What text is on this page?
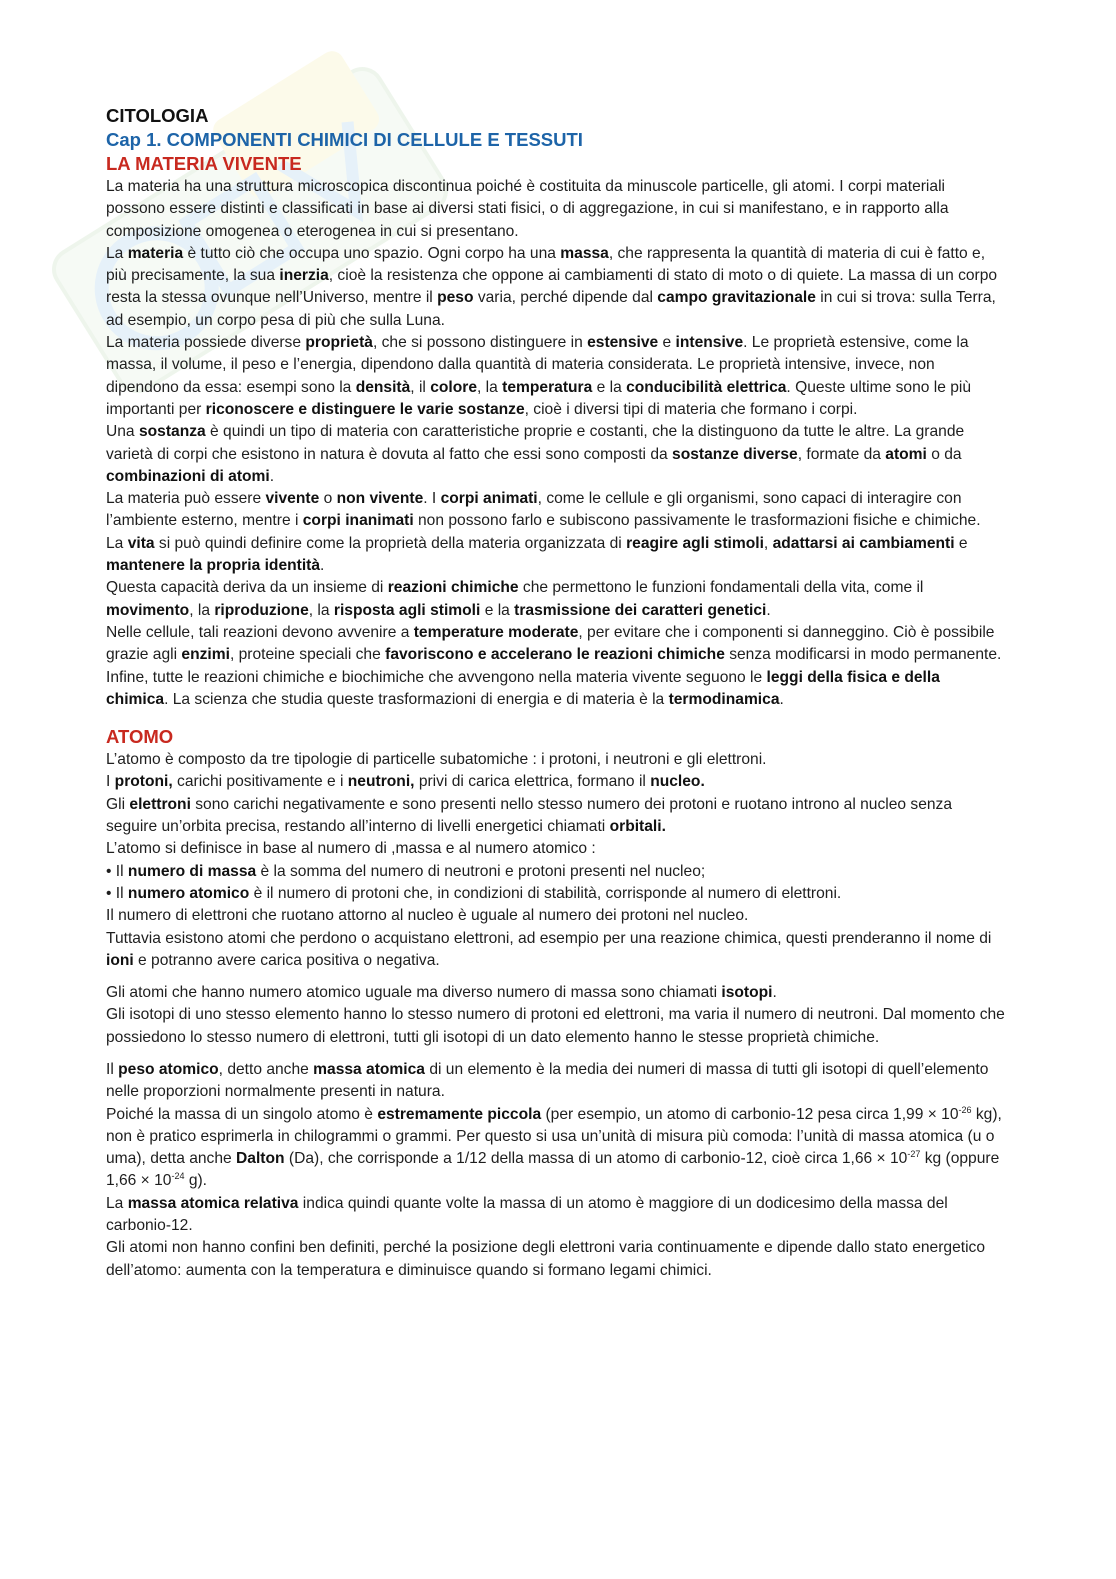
CITOLOGIA
Cap 1. COMPONENTI CHIMICI DI CELLULE E TESSUTI
LA MATERIA VIVENTE

La materia ha una struttura microscopica discontinua poiché è costituita da minuscole particelle, gli atomi. I corpi materiali possono essere distinti e classificati in base ai diversi stati fisici, o di aggregazione, in cui si manifestano, e in rapporto alla composizione omogenea o eterogenea in cui si presentano.

La materia è tutto ciò che occupa uno spazio. Ogni corpo ha una massa, che rappresenta la quantità di materia di cui è fatto e, più precisamente, la sua inerzia, cioè la resistenza che oppone ai cambiamenti di stato di moto o di quiete. La massa di un corpo resta la stessa ovunque nell’Universo, mentre il peso varia, perché dipende dal campo gravitazionale in cui si trova: sulla Terra, ad esempio, un corpo pesa di più che sulla Luna.

La materia possiede diverse proprietà, che si possono distinguere in estensive e intensive. Le proprietà estensive, come la massa, il volume, il peso e l’energia, dipendono dalla quantità di materia considerata. Le proprietà intensive, invece, non dipendono da essa: esempi sono la densità, il colore, la temperatura e la conducibilità elettrica. Queste ultime sono le più importanti per riconoscere e distinguere le varie sostanze, cioè i diversi tipi di materia che formano i corpi.

Una sostanza è quindi un tipo di materia con caratteristiche proprie e costanti, che la distinguono da tutte le altre. La grande varietà di corpi che esistono in natura è dovuta al fatto che essi sono composti da sostanze diverse, formate da atomi o da combinazioni di atomi.

La materia può essere vivente o non vivente. I corpi animati, come le cellule e gli organismi, sono capaci di interagire con l’ambiente esterno, mentre i corpi inanimati non possono farlo e subiscono passivamente le trasformazioni fisiche e chimiche.

La vita si può quindi definire come la proprietà della materia organizzata di reagire agli stimoli, adattarsi ai cambiamenti e mantenere la propria identità.

Questa capacità deriva da un insieme di reazioni chimiche che permettono le funzioni fondamentali della vita, come il movimento, la riproduzione, la risposta agli stimoli e la trasmissione dei caratteri genetici.

Nelle cellule, tali reazioni devono avvenire a temperature moderate, per evitare che i componenti si danneggino. Ciò è possibile grazie agli enzimi, proteine speciali che favoriscono e accelerano le reazioni chimiche senza modificarsi in modo permanente.

Infine, tutte le reazioni chimiche e biochimiche che avvengono nella materia vivente seguono le leggi della fisica e della chimica. La scienza che studia queste trasformazioni di energia e di materia è la termodinamica.

ATOMO

L’atomo è composto da tre tipologie di particelle subatomiche : i protoni, i neutroni e gli elettroni.

I protoni, carichi positivamente e i neutroni, privi di carica elettrica, formano il nucleo.

Gli elettroni sono carichi negativamente e sono presenti nello stesso numero dei protoni e ruotano introno al nucleo senza seguire un’orbita precisa, restando all’interno di livelli energetici chiamati orbitali.

L’atomo si definisce in base al numero di ,massa e al numero atomico :

• Il numero di massa è la somma del numero di neutroni e protoni presenti nel nucleo;

• Il numero atomico è il numero di protoni che, in condizioni di stabilità, corrisponde al numero di elettroni.

Il numero di elettroni che ruotano attorno al nucleo è uguale al numero dei protoni nel nucleo.

Tuttavia esistono atomi che perdono o acquistano elettroni, ad esempio per una reazione chimica, questi prenderanno il nome di ioni e potranno avere carica positiva o negativa.

Gli atomi che hanno numero atomico uguale ma diverso numero di massa sono chiamati isotopi.

Gli isotopi di uno stesso elemento hanno lo stesso numero di protoni ed elettroni, ma varia il numero di neutroni. Dal momento che possiedono lo stesso numero di elettroni, tutti gli isotopi di un dato elemento hanno le stesse proprietà chimiche.

Il peso atomico, detto anche massa atomica di un elemento è la media dei numeri di massa di tutti gli isotopi di quell’elemento nelle proporzioni normalmente presenti in natura.

Poiché la massa di un singolo atomo è estremamente piccola (per esempio, un atomo di carbonio-12 pesa circa $1,99 \times 10^{-26}$ kg), non è pratico esprimerla in chilogrammi o grammi. Per questo si usa un’unità di misura più comoda: l’unità di massa atomica (u o uma), detta anche Dalton (Da), che corrisponde a 1/12 della massa di un atomo di carbonio-12, cioè circa $1,66 \times 10^{-27}$ kg (oppure $1,66 \times 10^{-24}$ g).

La massa atomica relativa indica quindi quante volte la massa di un atomo è maggiore di un dodicesimo della massa del carbonio-12.

Gli atomi non hanno confini ben definiti, perché la posizione degli elettroni varia continuamente e dipende dallo stato energetico dell’atomo: aumenta con la temperatura e diminuisce quando si formano legami chimici.
